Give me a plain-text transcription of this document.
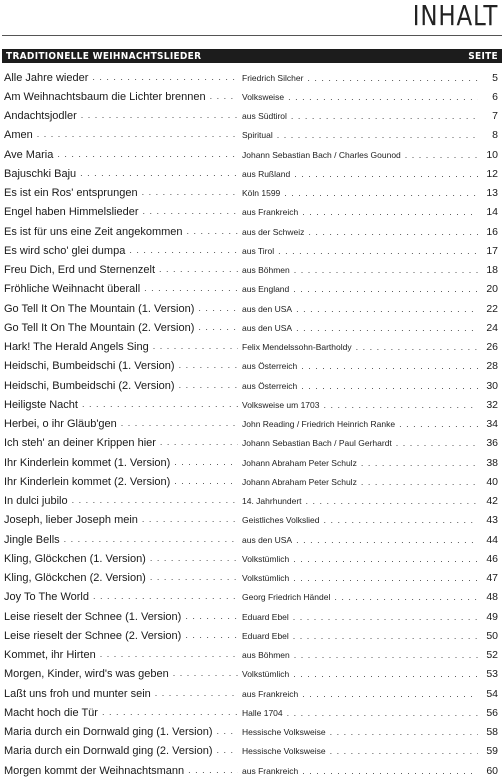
INHALT
TRADITIONELLE WEIHNACHTSLIEDER	SEITE
Alle Jahre wieder . . .	Friedrich Silcher . . .	5
Am Weihnachtsbaum die Lichter brennen . . .	Volksweise . . .	6
Andachtsjodler . . .	aus Südtirol . . .	7
Amen . . .	Spiritual . . .	8
Ave Maria . . .	Johann Sebastian Bach / Charles Gounod . . .	10
Bajuschki Baju . . .	aus Rußland . . .	12
Es ist ein Ros' entsprungen . . .	Köln 1599 . . .	13
Engel haben Himmelslieder . . .	aus Frankreich . . .	14
Es ist für uns eine Zeit angekommen . . .	aus der Schweiz . . .	16
Es wird scho' glei dumpa . . .	aus Tirol . . .	17
Freu Dich, Erd und Sternenzelt . . .	aus Böhmen . . .	18
Fröhliche Weihnacht überall . . .	aus England . . .	20
Go Tell It On The Mountain (1. Version) . . .	aus den USA . . .	22
Go Tell It On The Mountain (2. Version) . . .	aus den USA . . .	24
Hark! The Herald Angels Sing . . .	Felix Mendelssohn-Bartholdy . . .	26
Heidschi, Bumbeidschi (1. Version) . . .	aus Österreich . . .	28
Heidschi, Bumbeidschi (2. Version) . . .	aus Österreich . . .	30
Heiligste Nacht . . .	Volksweise um 1703 . . .	32
Herbei, o ihr Gläub'gen . . .	John Reading / Friedrich Heinrich Ranke . . .	34
Ich steh' an deiner Krippen hier . . .	Johann Sebastian Bach / Paul Gerhardt . . .	36
Ihr Kinderlein kommet (1. Version) . . .	Johann Abraham Peter Schulz . . .	38
Ihr Kinderlein kommet (2. Version) . . .	Johann Abraham Peter Schulz . . .	40
In dulci jubilo . . .	14. Jahrhundert . . .	42
Joseph, lieber Joseph mein . . .	Geistliches Volkslied . . .	43
Jingle Bells . . .	aus den USA . . .	44
Kling, Glöckchen (1. Version) . . .	Volkstümlich . . .	46
Kling, Glöckchen (2. Version) . . .	Volkstümlich . . .	47
Joy To The World . . .	Georg Friedrich Händel . . .	48
Leise rieselt der Schnee (1. Version) . . .	Eduard Ebel . . .	49
Leise rieselt der Schnee (2. Version) . . .	Eduard Ebel . . .	50
Kommet, ihr Hirten . . .	aus Böhmen . . .	52
Morgen, Kinder, wird's was geben . . .	Volkstümlich . . .	53
Laßt uns froh und munter sein . . .	aus Frankreich . . .	54
Macht hoch die Tür . . .	Halle 1704 . . .	56
Maria durch ein Dornwald ging (1. Version) . . .	Hessische Volksweise . . .	58
Maria durch ein Dornwald ging (2. Version) . . .	Hessische Volksweise . . .	59
Morgen kommt der Weihnachtsmann . . .	aus Frankreich . . .	60
